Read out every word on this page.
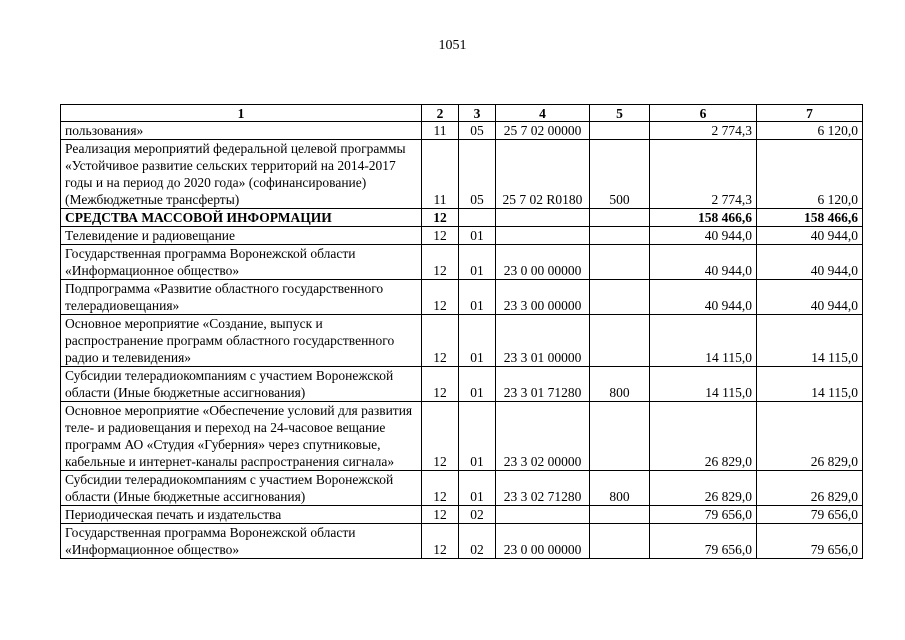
1051
1	2	3	4	5	6	7
пользования»	11	05	25 7 02 00000		2 774,3	6 120,0
Реализация мероприятий федеральной целевой программы «Устойчивое развитие сельских территорий на 2014-2017 годы и на период до 2020 года» (софинансирование) (Межбюджетные трансферты)	11	05	25 7 02 R0180	500	2 774,3	6 120,0
СРЕДСТВА МАССОВОЙ ИНФОРМАЦИИ	12				158 466,6	158 466,6
Телевидение и радиовещание	12	01			40 944,0	40 944,0
Государственная программа Воронежской области «Информационное общество»	12	01	23 0 00 00000		40 944,0	40 944,0
Подпрограмма «Развитие областного государственного телерадиовещания»	12	01	23 3 00 00000		40 944,0	40 944,0
Основное мероприятие «Создание, выпуск и распространение программ областного государственного радио и телевидения»	12	01	23 3 01 00000		14 115,0	14 115,0
Субсидии телерадиокомпаниям с участием Воронежской области (Иные бюджетные ассигнования)	12	01	23 3 01 71280	800	14 115,0	14 115,0
Основное мероприятие «Обеспечение условий для развития теле- и радиовещания и переход на 24-часовое вещание программ АО «Студия «Губерния» через спутниковые, кабельные и интернет-каналы распространения сигнала»	12	01	23 3 02 00000		26 829,0	26 829,0
Субсидии телерадиокомпаниям с участием Воронежской области (Иные бюджетные ассигнования)	12	01	23 3 02 71280	800	26 829,0	26 829,0
Периодическая печать и издательства	12	02			79 656,0	79 656,0
Государственная программа Воронежской области «Информационное общество»	12	02	23 0 00 00000		79 656,0	79 656,0
